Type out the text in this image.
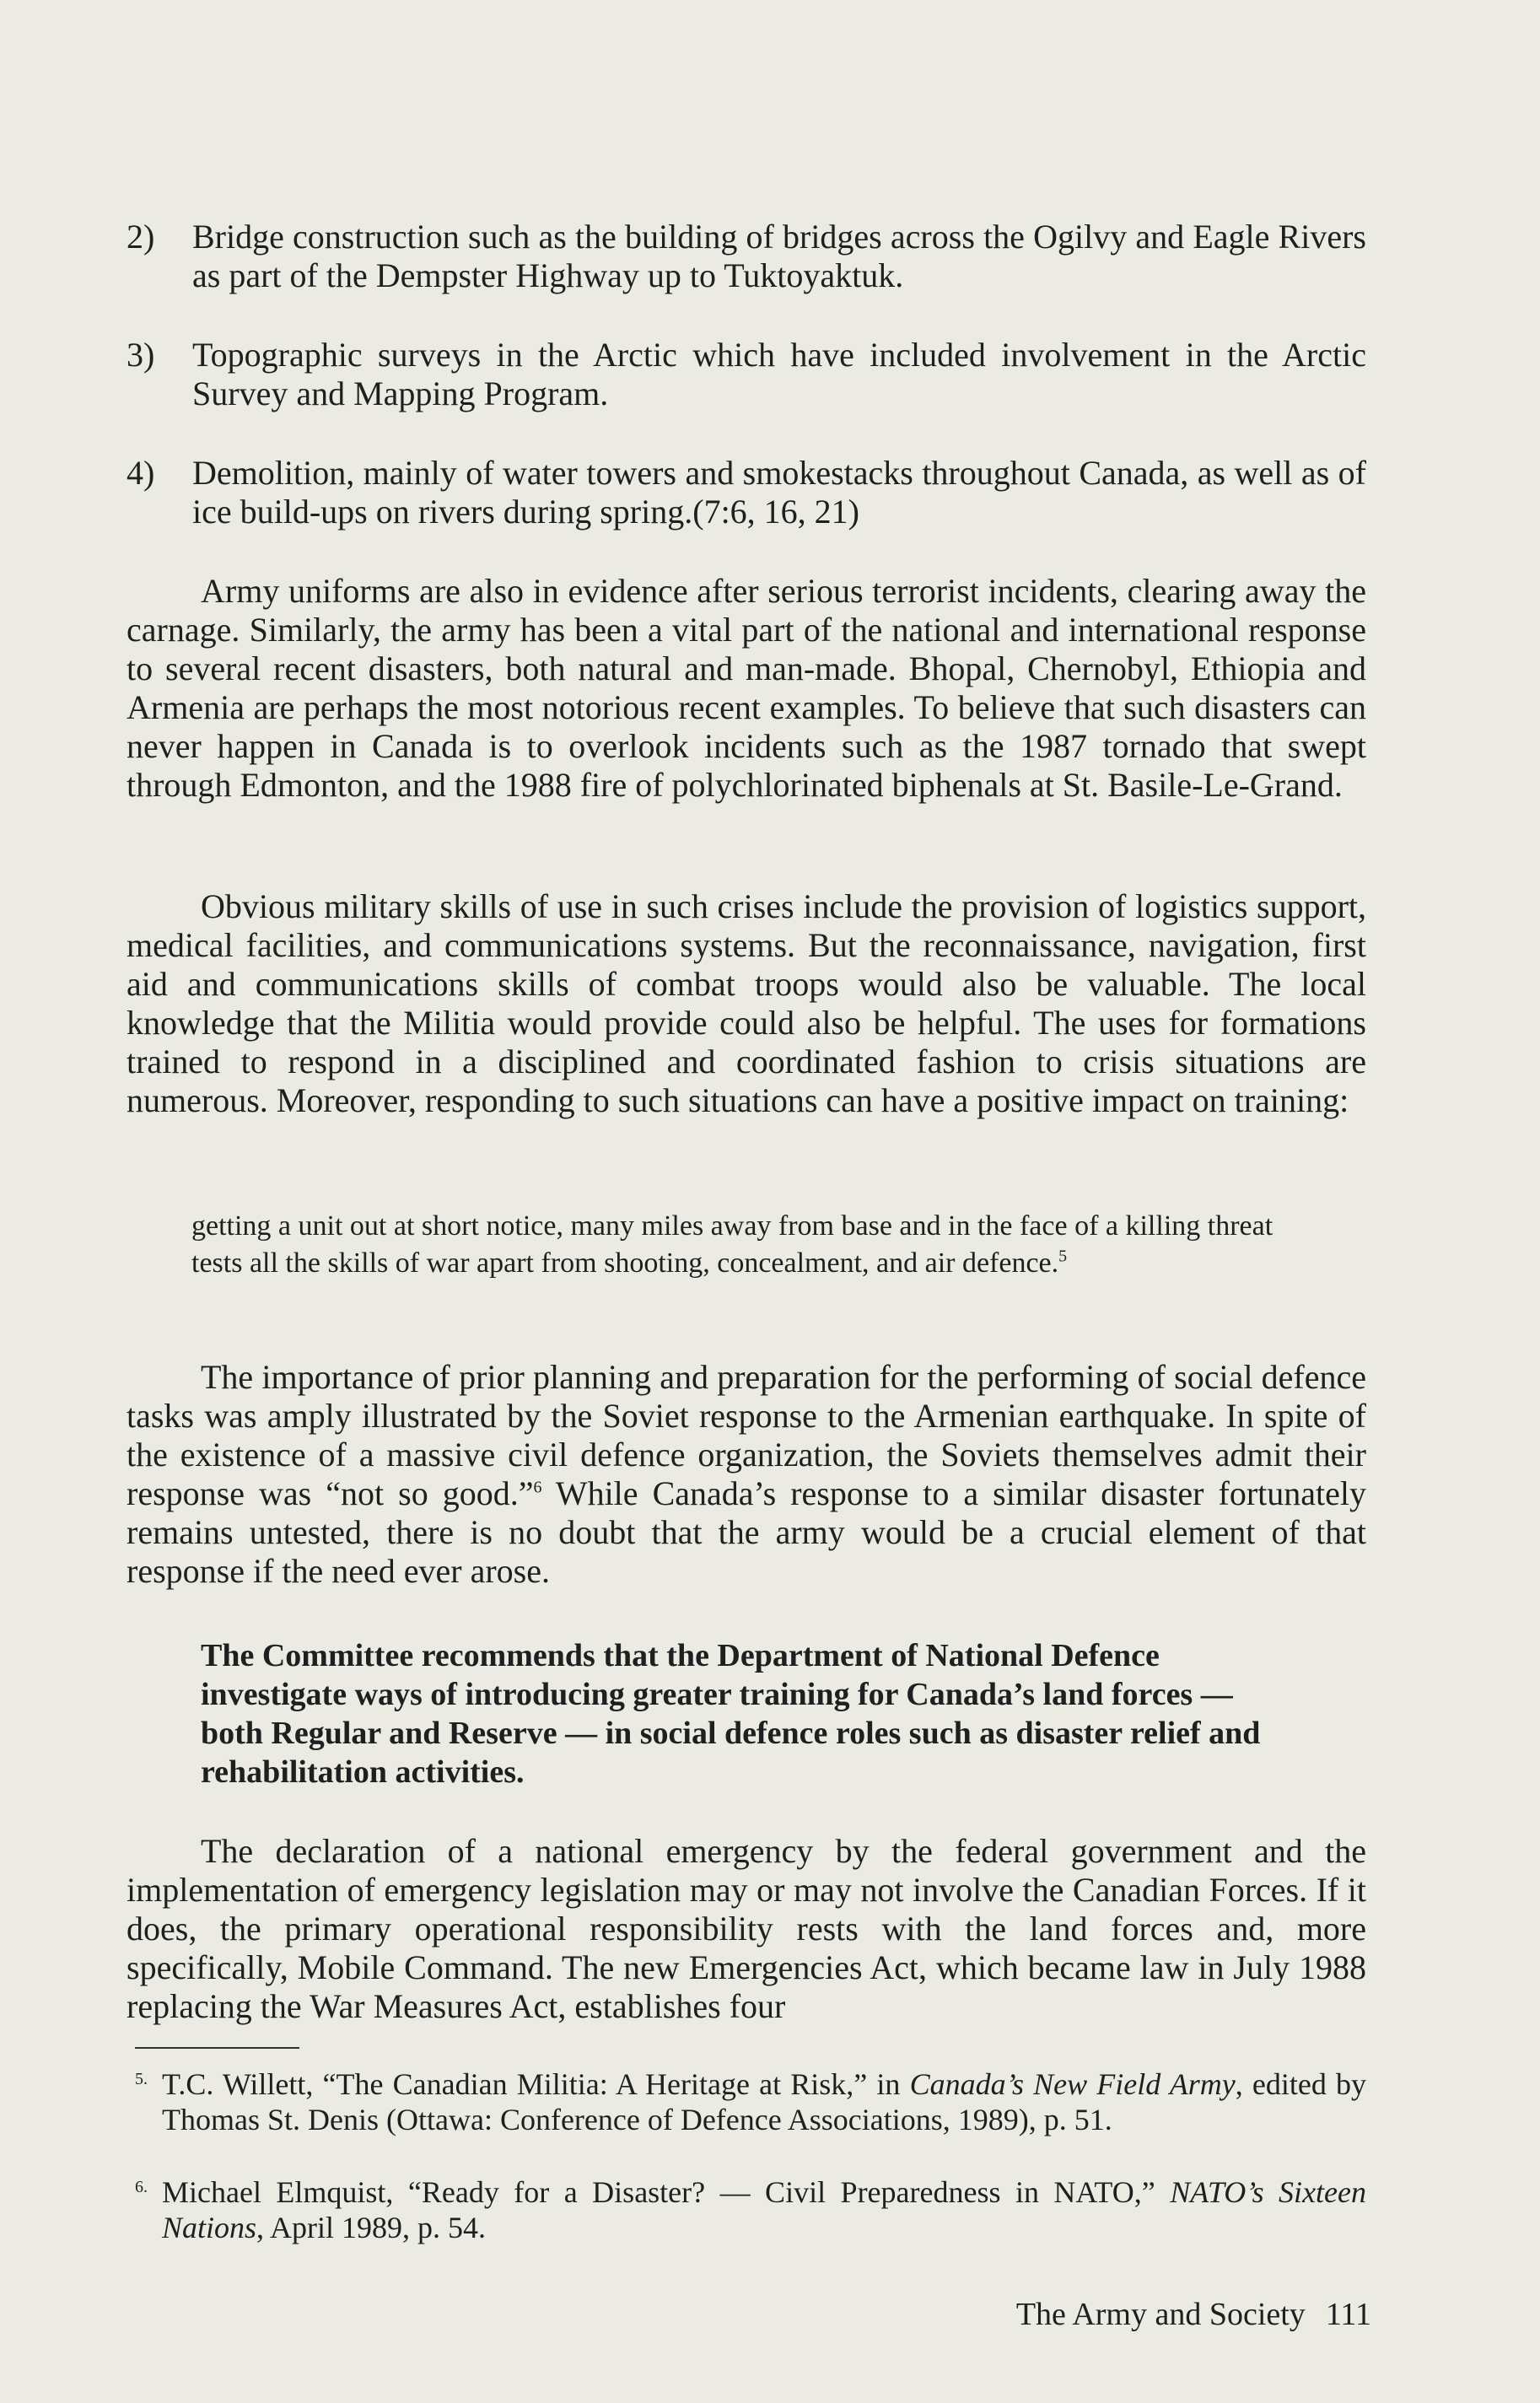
2) Bridge construction such as the building of bridges across the Ogilvy and Eagle Rivers as part of the Dempster Highway up to Tuktoyaktuk.
3) Topographic surveys in the Arctic which have included involvement in the Arctic Survey and Mapping Program.
4) Demolition, mainly of water towers and smokestacks throughout Canada, as well as of ice build-ups on rivers during spring.(7:6, 16, 21)
Army uniforms are also in evidence after serious terrorist incidents, clearing away the carnage. Similarly, the army has been a vital part of the national and international response to several recent disasters, both natural and man-made. Bhopal, Chernobyl, Ethiopia and Armenia are perhaps the most notorious recent examples. To believe that such disasters can never happen in Canada is to overlook incidents such as the 1987 tornado that swept through Edmonton, and the 1988 fire of polychlorinated biphenals at St. Basile-Le-Grand.
Obvious military skills of use in such crises include the provision of logistics support, medical facilities, and communications systems. But the reconnaissance, navigation, first aid and communications skills of combat troops would also be valuable. The local knowledge that the Militia would provide could also be helpful. The uses for formations trained to respond in a disciplined and coordinated fashion to crisis situations are numerous. Moreover, responding to such situations can have a positive impact on training:
getting a unit out at short notice, many miles away from base and in the face of a killing threat tests all the skills of war apart from shooting, concealment, and air defence.$^5$
The importance of prior planning and preparation for the performing of social defence tasks was amply illustrated by the Soviet response to the Armenian earthquake. In spite of the existence of a massive civil defence organization, the Soviets themselves admit their response was “not so good.”$^6$ While Canada’s response to a similar disaster fortunately remains untested, there is no doubt that the army would be a crucial element of that response if the need ever arose.
The Committee recommends that the Department of National Defence investigate ways of introducing greater training for Canada’s land forces — both Regular and Reserve — in social defence roles such as disaster relief and rehabilitation activities.
The declaration of a national emergency by the federal government and the implementation of emergency legislation may or may not involve the Canadian Forces. If it does, the primary operational responsibility rests with the land forces and, more specifically, Mobile Command. The new Emergencies Act, which became law in July 1988 replacing the War Measures Act, establishes four
5. T.C. Willett, “The Canadian Militia: A Heritage at Risk,” in Canada’s New Field Army, edited by Thomas St. Denis (Ottawa: Conference of Defence Associations, 1989), p. 51.
6. Michael Elmquist, “Ready for a Disaster? — Civil Preparedness in NATO,” NATO’s Sixteen Nations, April 1989, p. 54.
The Army and Society 111
